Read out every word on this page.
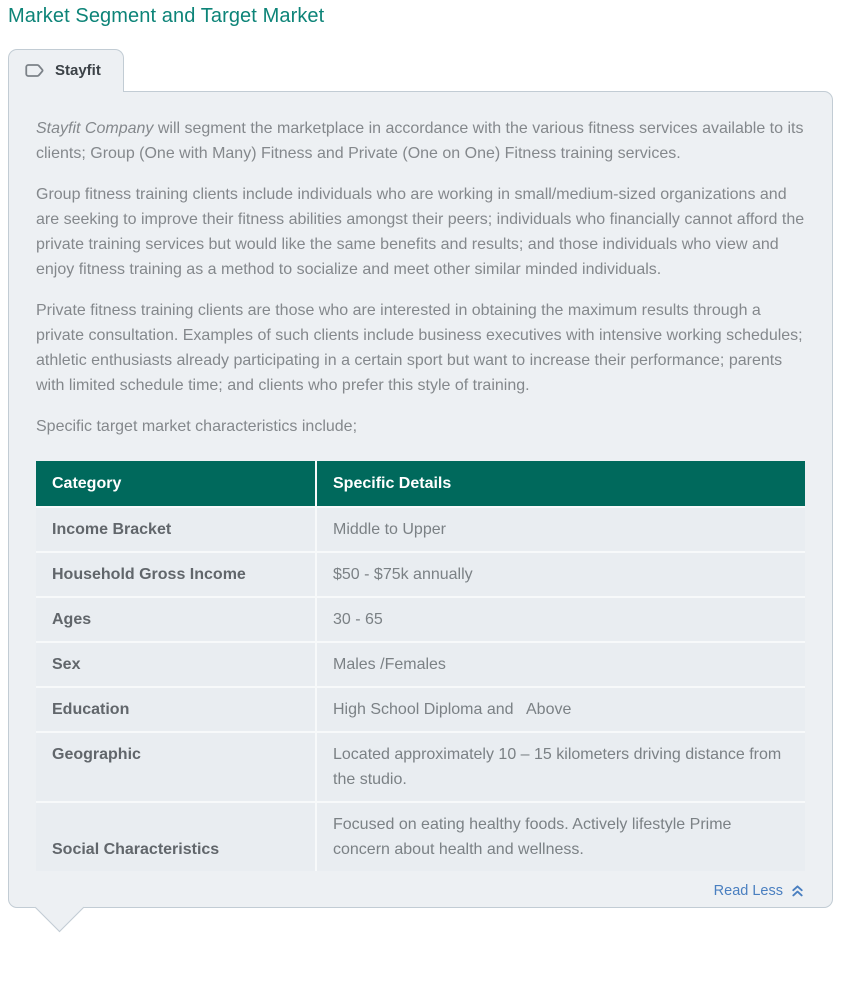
Market Segment and Target Market
Stayfit

Stayfit Company will segment the marketplace in accordance with the various fitness services available to its clients; Group (One with Many) Fitness and Private (One on One) Fitness training services.

Group fitness training clients include individuals who are working in small/medium-sized organizations and are seeking to improve their fitness abilities amongst their peers; individuals who financially cannot afford the private training services but would like the same benefits and results; and those individuals who view and enjoy fitness training as a method to socialize and meet other similar minded individuals.

Private fitness training clients are those who are interested in obtaining the maximum results through a private consultation. Examples of such clients include business executives with intensive working schedules; athletic enthusiasts already participating in a certain sport but want to increase their performance; parents with limited schedule time; and clients who prefer this style of training.

Specific target market characteristics include;

Category	Specific Details
Income Bracket	Middle to Upper
Household Gross Income	$50 - $75k annually
Ages	30 - 65
Sex	Males /Females
Education	High School Diploma and   Above
Geographic	Located approximately 10 – 15 kilometers driving distance from the studio.
Social Characteristics	Focused on eating healthy foods. Actively lifestyle Prime concern about health and wellness.
Read Less
